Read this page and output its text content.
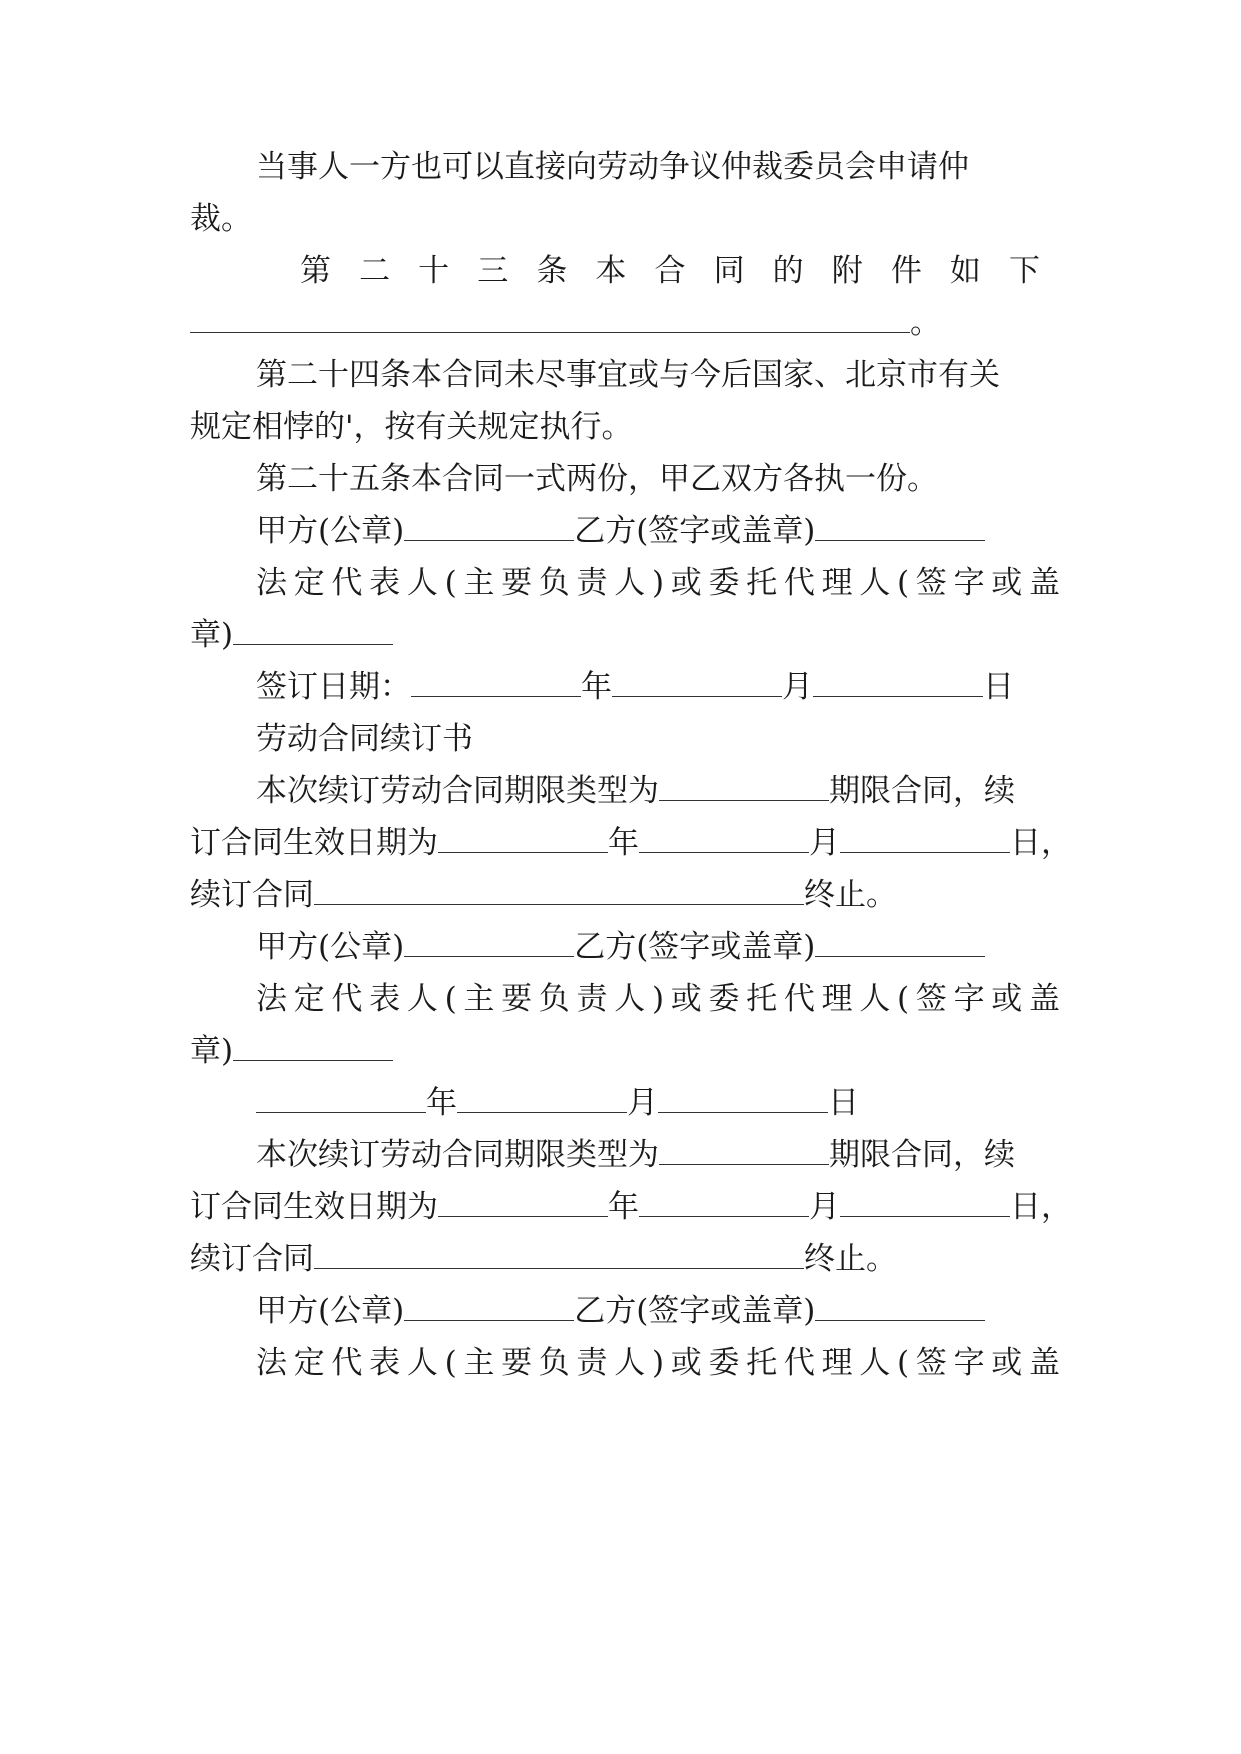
当事人一方也可以直接向劳动争议仲裁委员会申请仲
裁。
第二十三条本合同的附件如下
。
第二十四条本合同未尽事宜或与今后国家、北京市有关
规定相悖的'，按有关规定执行。
第二十五条本合同一式两份，甲乙双方各执一份。
甲方(公章)	乙方(签字或盖章)
法定代表人(主要负责人)或委托代理人(签字或盖
章)
签订日期：	年	月	日
劳动合同续订书
本次续订劳动合同期限类型为	期限合同，续
订合同生效日期为	年	月	日，
续订合同	终止。
甲方(公章)	乙方(签字或盖章)
法定代表人(主要负责人)或委托代理人(签字或盖
章)
年	月	日
本次续订劳动合同期限类型为	期限合同，续
订合同生效日期为	年	月	日，
续订合同	终止。
甲方(公章)	乙方(签字或盖章)
法定代表人(主要负责人)或委托代理人(签字或盖
